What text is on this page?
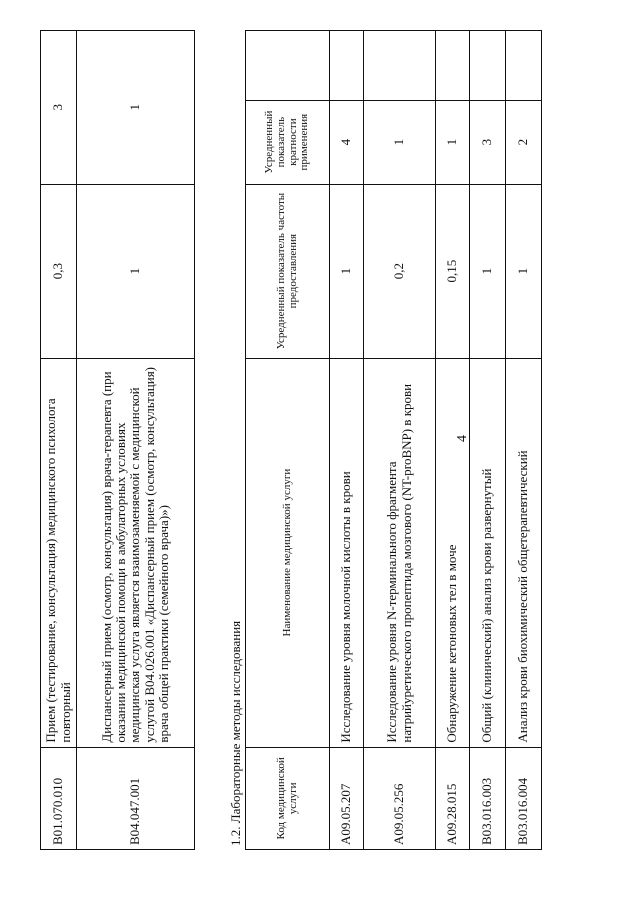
B01.070.010	Прием (тестирование, консультация) медицинского психолога повторный	0,3	3
B04.047.001	Диспансерный прием (осмотр, консультация) врача-терапевта (при оказании медицинской помощи в амбулаторных условиях медицинская услуга является взаимозаменяемой с медицинской услугой B04.026.001 «Диспансерный прием (осмотр, консультация) врача общей практики (семейного врача)»)	1	1
1.2. Лабораторные методы исследования	Код медицинской услуги	Наименование медицинской услуги	Усредненный показатель частоты предоставления	Усредненный показатель кратности применения	
A09.05.207	Исследование уровня молочной кислоты в крови	1	4	
A09.05.256	Исследование уровня N-терминального фрагмента натрийуретического пропептида мозгового (NT-proBNP) в крови	0,2	1	
A09.28.015	Обнаружение кетоновых тел в моче	0,15	1	
B03.016.003	Общий (клинический) анализ крови развернутый	1	3	
B03.016.004	Анализ крови биохимический общетерапевтический	1	2	
4
